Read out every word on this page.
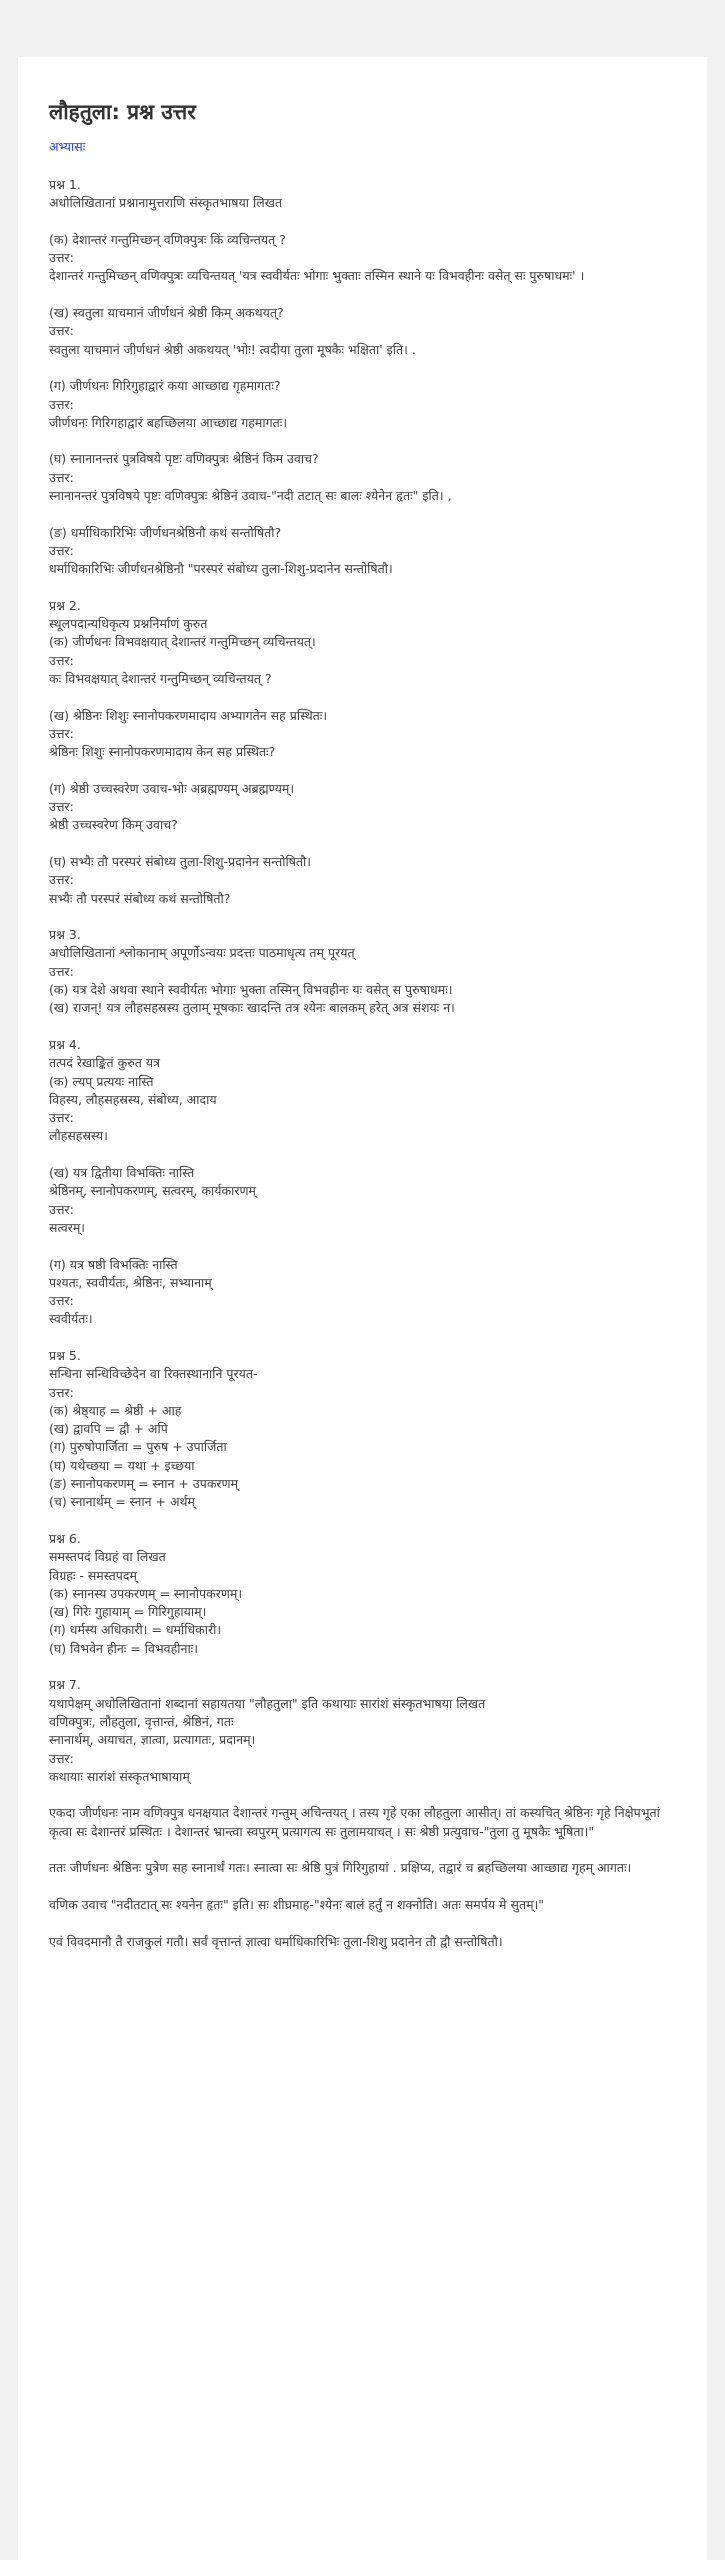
लौहतुला: प्रश्न उत्तर
अभ्यासः
प्रश्न 1.
अधोलिखितानां प्रश्नानामुत्तराणि संस्कृतभाषया लिखत
(क) देशान्तरं गन्तुमिच्छन् वणिक्पुत्रः किं व्यचिन्तयत् ?
उत्तर:
देशान्तरं गन्तुमिच्छन् वणिक्पुत्रः व्यचिन्तयत् 'यत्र स्ववीर्यतः भोगाः भुक्ताः तस्मिन स्थाने यः विभवहीनः वसेत् सः पुरुषाधमः' ।
(ख) स्वतुला याचमानं जीर्णधनं श्रेष्ठी किम् अकथयत्?
उत्तर:
स्वतुला याचमानं जीर्णधनं श्रेष्ठी अकथयत् 'भोः! त्वदीया तुला मूषकैः भक्षिता' इति। .
(ग) जीर्णधनः गिरिगुहाद्वारं कया आच्छाद्य गृहमागतः?
उत्तर:
जीर्णधनः गिरिगहाद्वारं बहच्छिलया आच्छाद्य गहमागतः।
(घ) स्नानानन्तरं पुत्रविषये पृष्टः वणिक्पुत्रः श्रेष्ठिनं किम उवाच?
उत्तर:
स्नानानन्तरं पुत्रविषये पृष्टः वणिक्पुत्रः श्रेष्ठिनं उवाच-"नदी तटात् सः बालः श्येनेन हृतः" इति। ,
(ङ) धर्माधिकारिभिः जीर्णधनश्रेष्ठिनौ कथं सन्तोषितौ?
उत्तर:
धर्माधिकारिभिः जीर्णधनश्रेष्ठिनौ "परस्परं संबोध्य तुला-शिशु-प्रदानेन सन्तोषितौ।
प्रश्न 2.
स्थूलपदान्यधिकृत्य प्रश्ननिर्माणं कुरुत
(क) जीर्णधनः विभवक्षयात् देशान्तरं गन्तुमिच्छन् व्यचिन्तयत्।
उत्तर:
कः विभवक्षयात् देशान्तरं गन्तुमिच्छन् व्यचिन्तयत् ?
(ख) श्रेष्ठिनः शिशुः स्नानोपकरणमादाय अभ्यागतेन सह प्रस्थितः।
उत्तर:
श्रेष्ठिनः शिशुः स्नानोपकरणमादाय केन सह प्रस्थितः?
(ग) श्रेष्ठी उच्चस्वरेण उवाच-भोः अब्रह्मण्यम् अब्रह्मण्यम्।
उत्तर:
श्रेष्ठी उच्चस्वरेण किम् उवाच?
(घ) सभ्यैः तौ परस्परं संबोध्य तुला-शिशु-प्रदानेन सन्तोषितौ।
उत्तर:
सभ्यैः तौ परस्परं संबोध्य कथं सन्तोषितौ?
प्रश्न 3.
अधोलिखितानां श्लोकानाम् अपूर्णोऽन्वयः प्रदत्तः पाठमाधृत्य तम् पूरयत्
उत्तर:
(क) यत्र देशे अथवा स्थाने स्ववीर्यतः भोगाः भुक्ता तस्मिन् विभवहीनः यः वसेत् स पुरुषाधमः।
(ख) राजन्! यत्र लौहसहस्रस्य तुलाम् मूषकाः खादन्ति तत्र श्येनः बालकम् हरेत् अत्र संशयः न।
प्रश्न 4.
तत्पदं रेखाङ्कितं कुरुत यत्र
(क) ल्यप् प्रत्ययः नास्ति
विहस्य, लौहसहस्रस्य, संबोध्य, आदाय
उत्तर:
लौहसहस्रस्य।
(ख) यत्र द्वितीया विभक्तिः नास्ति
श्रेष्ठिनम्, स्नानोपकरणम्, सत्वरम्, कार्यकारणम्
उत्तर:
सत्वरम्।
(ग) यत्र षष्ठी विभक्तिः नास्ति
पश्यतः, स्ववीर्यतः, श्रेष्ठिनः, सभ्यानाम्
उत्तर:
स्ववीर्यतः।
प्रश्न 5.
सन्धिना सन्धिविच्छेदेन वा रिक्तस्थानानि पूरयत-
उत्तर:
(क) श्रेष्ठ्याह = श्रेष्ठी + आह
(ख) द्वावपि = द्वौ + अपि
(ग) पुरुषोपार्जिता = पुरुष + उपार्जिता
(घ) यथेच्छया = यथा + इच्छया
(ङ) स्नानोपकरणम् = स्नान + उपकरणम्
(च) स्नानार्थम् = स्नान + अर्थम्
प्रश्न 6.
समस्तपदं विग्रहं वा लिखत
विग्रहः - समस्तपदम्
(क) स्नानस्य उपकरणम् = स्नानोपकरणम्।
(ख) गिरेः गुहायाम् = गिरिगुहायाम्।
(ग) धर्मस्य अधिकारी। = धर्माधिकारी।
(घ) विभवेन हीनः = विभवहीनाः।
प्रश्न 7.
यथापेक्षम् अधोलिखितानां शब्दानां सहायतया "लौहतुला" इति कथायाः सारांशं संस्कृतभाषया लिखत
वणिक्पुत्रः, लौहतुला, वृत्तान्तं, श्रेष्ठिनं, गतः
स्नानार्थम्, अयाचत, ज्ञात्वा, प्रत्यागतः, प्रदानम्।
उत्तर:
कथायाः सारांशं संस्कृतभाषायाम्
एकदा जीर्णधनः नाम वणिक्पुत्र धनक्षयात देशान्तरं गन्तुम् अचिन्तयत् । तस्य गृहे एका लौहतुला आसीत्। तां कस्यचित् श्रेष्ठिनः गृहे निक्षेपभूतां कृत्वा सः देशान्तरं प्रस्थितः । देशान्तरं भ्रान्त्वा स्वपुरम् प्रत्यागत्य सः तुलामयाचत् । सः श्रेष्ठी प्रत्युवाच-"तुला तु मूषकैः भूषिता।"
ततः जीर्णधनः श्रेष्ठिनः पुत्रेण सह स्नानार्थं गतः। स्नात्वा सः श्रेष्ठि पुत्रं गिरिगुहायां . प्रक्षिप्य, तद्वारं च ब्रहच्छिलया आच्छाद्य गृहम् आगतः।
वणिक उवाच "नदीतटात् सः श्यनेन हृतः" इति। सः शीघ्रमाह-"श्येनः बालं हर्तुं न शक्नोति। अतः समर्पय मे सुतम्।"
एवं विवदमानौ तै राजकुलं गतौ। सर्वं वृत्तान्तं ज्ञात्वा धर्माधिकारिभिः तुला-शिशु प्रदानेन तौ द्वौ सन्तोषितौ।
